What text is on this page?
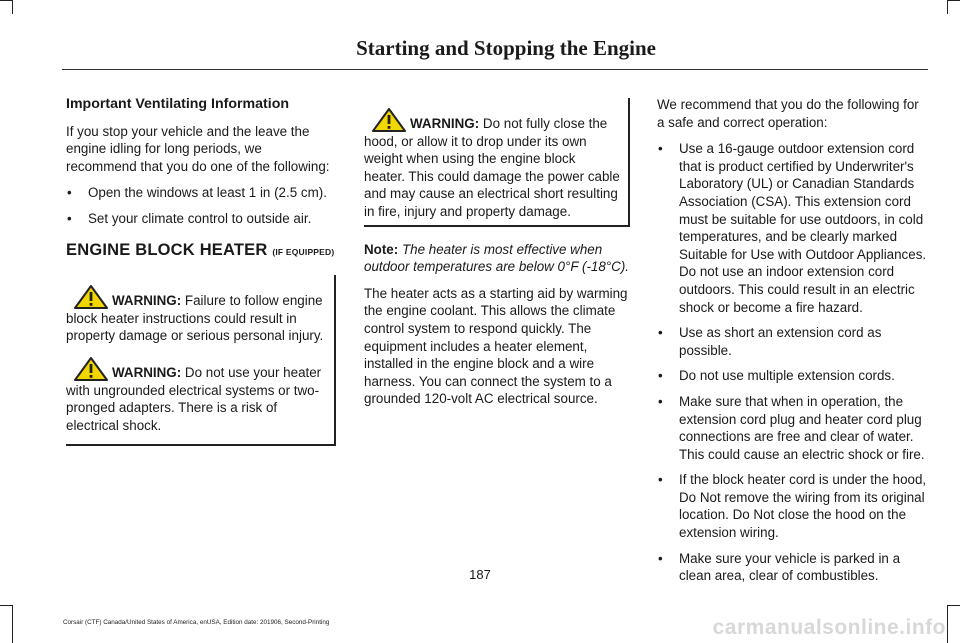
Starting and Stopping the Engine
Important Ventilating Information

If you stop your vehicle and the leave the engine idling for long periods, we recommend that you do one of the following:

• Open the windows at least 1 in (2.5 cm).
• Set your climate control to outside air.
ENGINE BLOCK HEATER (IF EQUIPPED)

WARNING: Failure to follow engine block heater instructions could result in property damage or serious personal injury.

WARNING: Do not use your heater with ungrounded electrical systems or two-pronged adapters. There is a risk of electrical shock.

WARNING: Do not fully close the hood, or allow it to drop under its own weight when using the engine block heater. This could damage the power cable and may cause an electrical short resulting in fire, injury and property damage.

Note: The heater is most effective when outdoor temperatures are below 0°F (-18°C).

The heater acts as a starting aid by warming the engine coolant. This allows the climate control system to respond quickly. The equipment includes a heater element, installed in the engine block and a wire harness. You can connect the system to a grounded 120-volt AC electrical source.

We recommend that you do the following for a safe and correct operation:

• Use a 16-gauge outdoor extension cord that is product certified by Underwriter's Laboratory (UL) or Canadian Standards Association (CSA). This extension cord must be suitable for use outdoors, in cold temperatures, and be clearly marked Suitable for Use with Outdoor Appliances. Do not use an indoor extension cord outdoors. This could result in an electric shock or become a fire hazard.
• Use as short an extension cord as possible.
• Do not use multiple extension cords.
• Make sure that when in operation, the extension cord plug and heater cord plug connections are free and clear of water. This could cause an electric shock or fire.
• If the block heater cord is under the hood, Do Not remove the wiring from its original location. Do Not close the hood on the extension wiring.
• Make sure your vehicle is parked in a clean area, clear of combustibles.
187
Corsair (CTF) Canada/United States of America, enUSA, Edition date: 201906, Second-Printing	carmanualsonline.info
